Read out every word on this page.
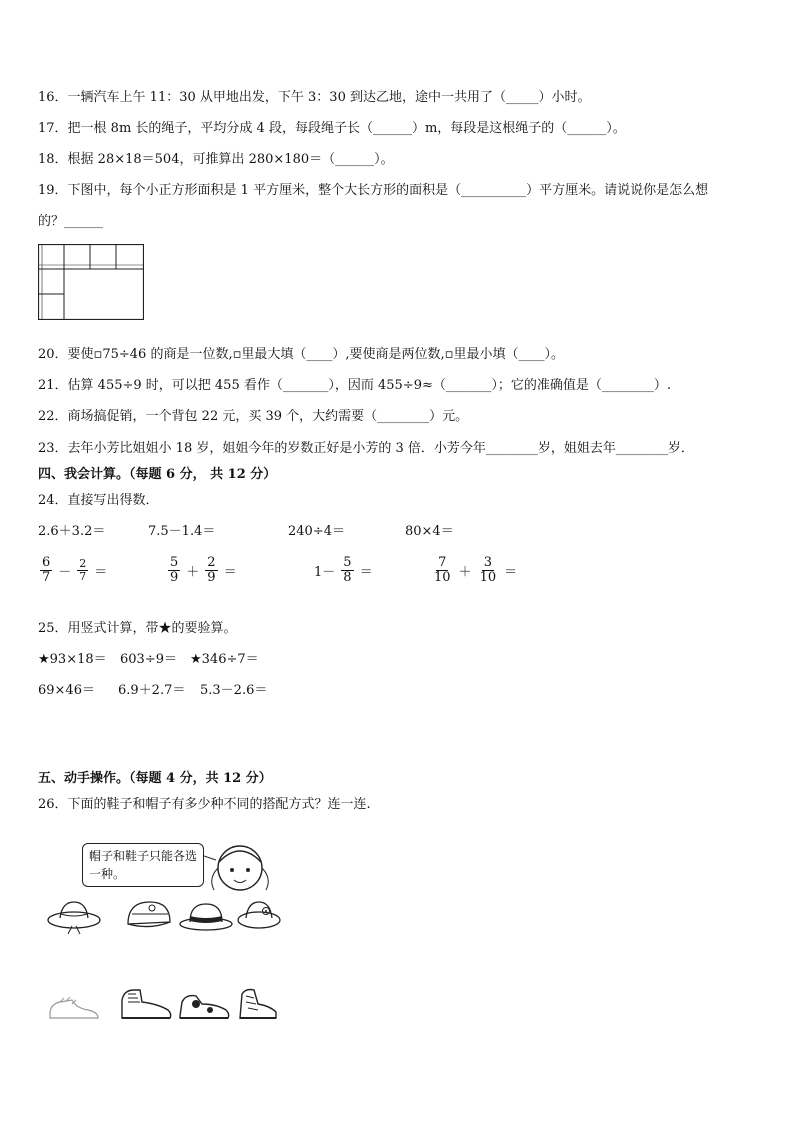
16．一辆汽车上午 11：30 从甲地出发，下午 3：30 到达乙地，途中一共用了（_____）小时。
17．把一根 8m 长的绳子，平均分成 4 段，每段绳子长（______）m，每段是这根绳子的（______）。
18．根据 28×18＝504，可推算出 280×180＝（______）。
19．下图中，每个小正方形面积是 1 平方厘米，整个大长方形的面积是（__________）平方厘米。请说说你是怎么想
的？______
20．要使▫75÷46 的商是一位数,▫里最大填（____）,要使商是两位数,▫里最小填（____）。
21．估算 455÷9 时，可以把 455 看作（_______），因而 455÷9≈（_______）；它的准确值是（________）.
22．商场搞促销，一个背包 22 元，买 39 个，大约需要（________）元。
23．去年小芳比姐姐小 18 岁，姐姐今年的岁数正好是小芳的 3 倍．小芳今年________岁，姐姐去年________岁．
四、我会计算。（每题 6 分， 共 12 分）
24．直接写出得数．
2.6＋3.2＝	7.5－1.4＝	240÷4＝	80×4＝
$\frac{6}{7} - \frac{2}{7}$ ＝	$\frac{5}{9} + \frac{2}{9}$ ＝	$1- \frac{5}{8}$ ＝	$\frac{7}{10} + \frac{3}{10}$ ＝
25．用竖式计算，带★的要验算。
★93×18＝ 603÷9＝ ★346÷7＝
69×46＝ 6.9＋2.7＝ 5.3－2.6＝
五、动手操作。（每题 4 分，共 12 分）
26．下面的鞋子和帽子有多少种不同的搭配方式？连一连.
帽子和鞋子只能各选一种。
